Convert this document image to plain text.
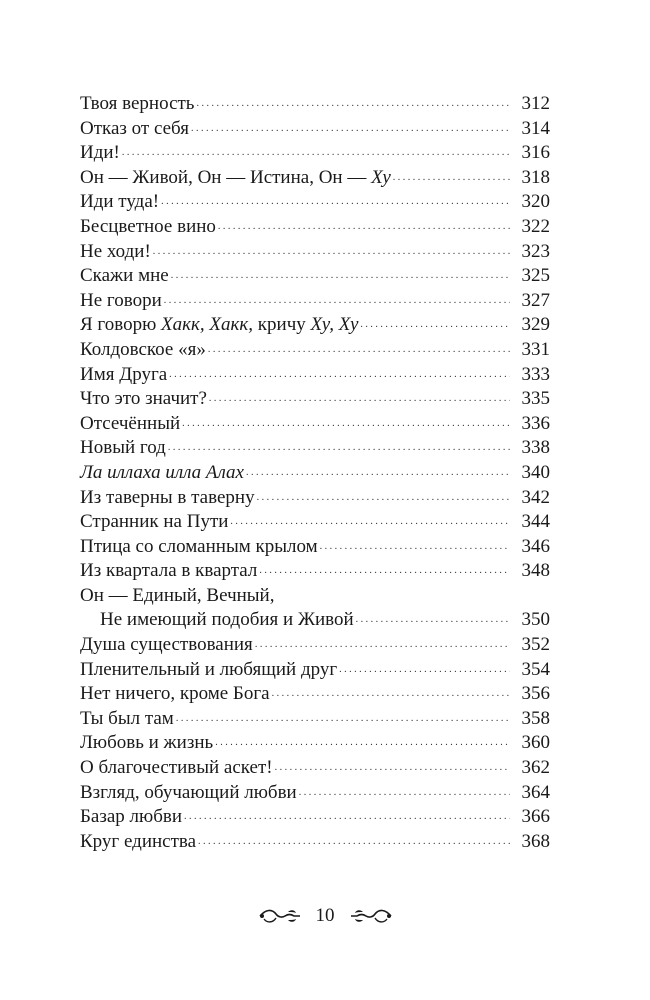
Твоя верность . . .	312
Отказ от себя . . .	314
Иди! . . .	316
Он — Живой, Он — Истина, Он — Ху . . .	318
Иди туда! . . .	320
Бесцветное вино . . .	322
Не ходи! . . .	323
Скажи мне . . .	325
Не говори . . .	327
Я говорю Хакк, Хакк, кричу Ху, Ху . . .	329
Колдовское «я» . . .	331
Имя Друга . . .	333
Что это значит? . . .	335
Отсечённый . . .	336
Новый год . . .	338
Ла иллаха илла Алах . . .	340
Из таверны в таверну . . .	342
Странник на Пути . . .	344
Птица со сломанным крылом . . .	346
Из квартала в квартал . . .	348
Он — Единый, Вечный,
Не имеющий подобия и Живой . . .	350
Душа существования . . .	352
Пленительный и любящий друг . . .	354
Нет ничего, кроме Бога . . .	356
Ты был там . . .	358
Любовь и жизнь . . .	360
О благочестивый аскет! . . .	362
Взгляд, обучающий любви . . .	364
Базар любви . . .	366
Круг единства . . .	368
10
